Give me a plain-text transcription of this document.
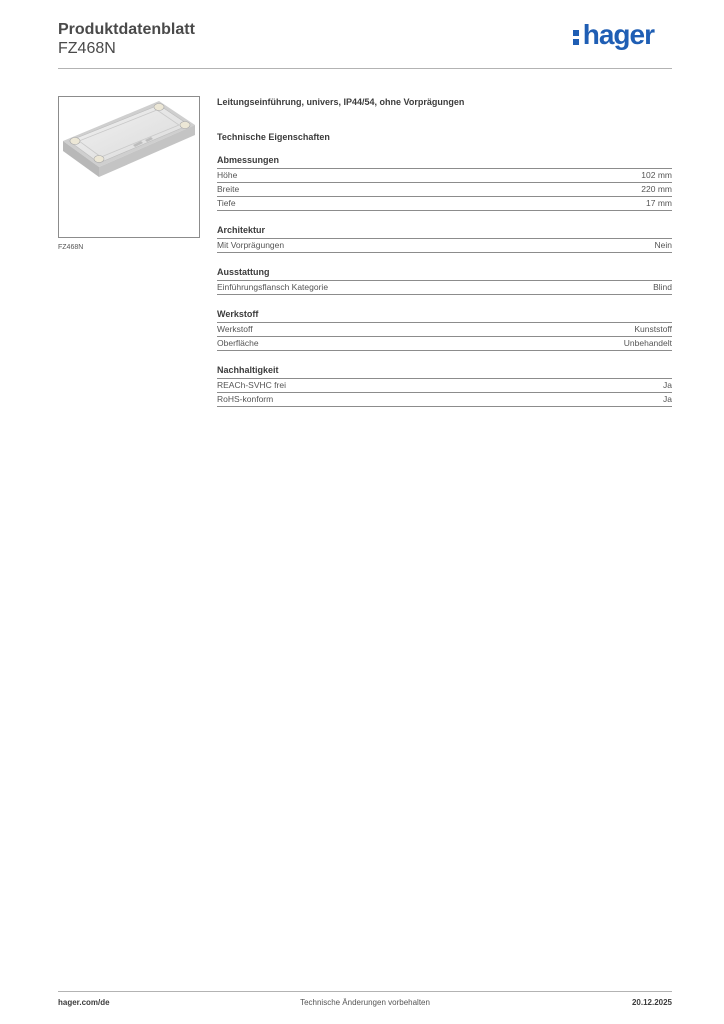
Produktdatenblatt
FZ468N	hager
FZ468N
Leitungseinführung, univers, IP44/54, ohne Vorprägungen
Technische Eigenschaften
Abmessungen
Höhe	102 mm
Breite	220 mm
Tiefe	17 mm
Architektur
Mit Vorprägungen	Nein
Ausstattung
Einführungsflansch Kategorie	Blind
Werkstoff
Werkstoff	Kunststoff
Oberfläche	Unbehandelt
Nachhaltigkeit
REACh-SVHC frei	Ja
RoHS-konform	Ja
Technische Änderungen vorbehalten
hager.com/de	20.12.2025
